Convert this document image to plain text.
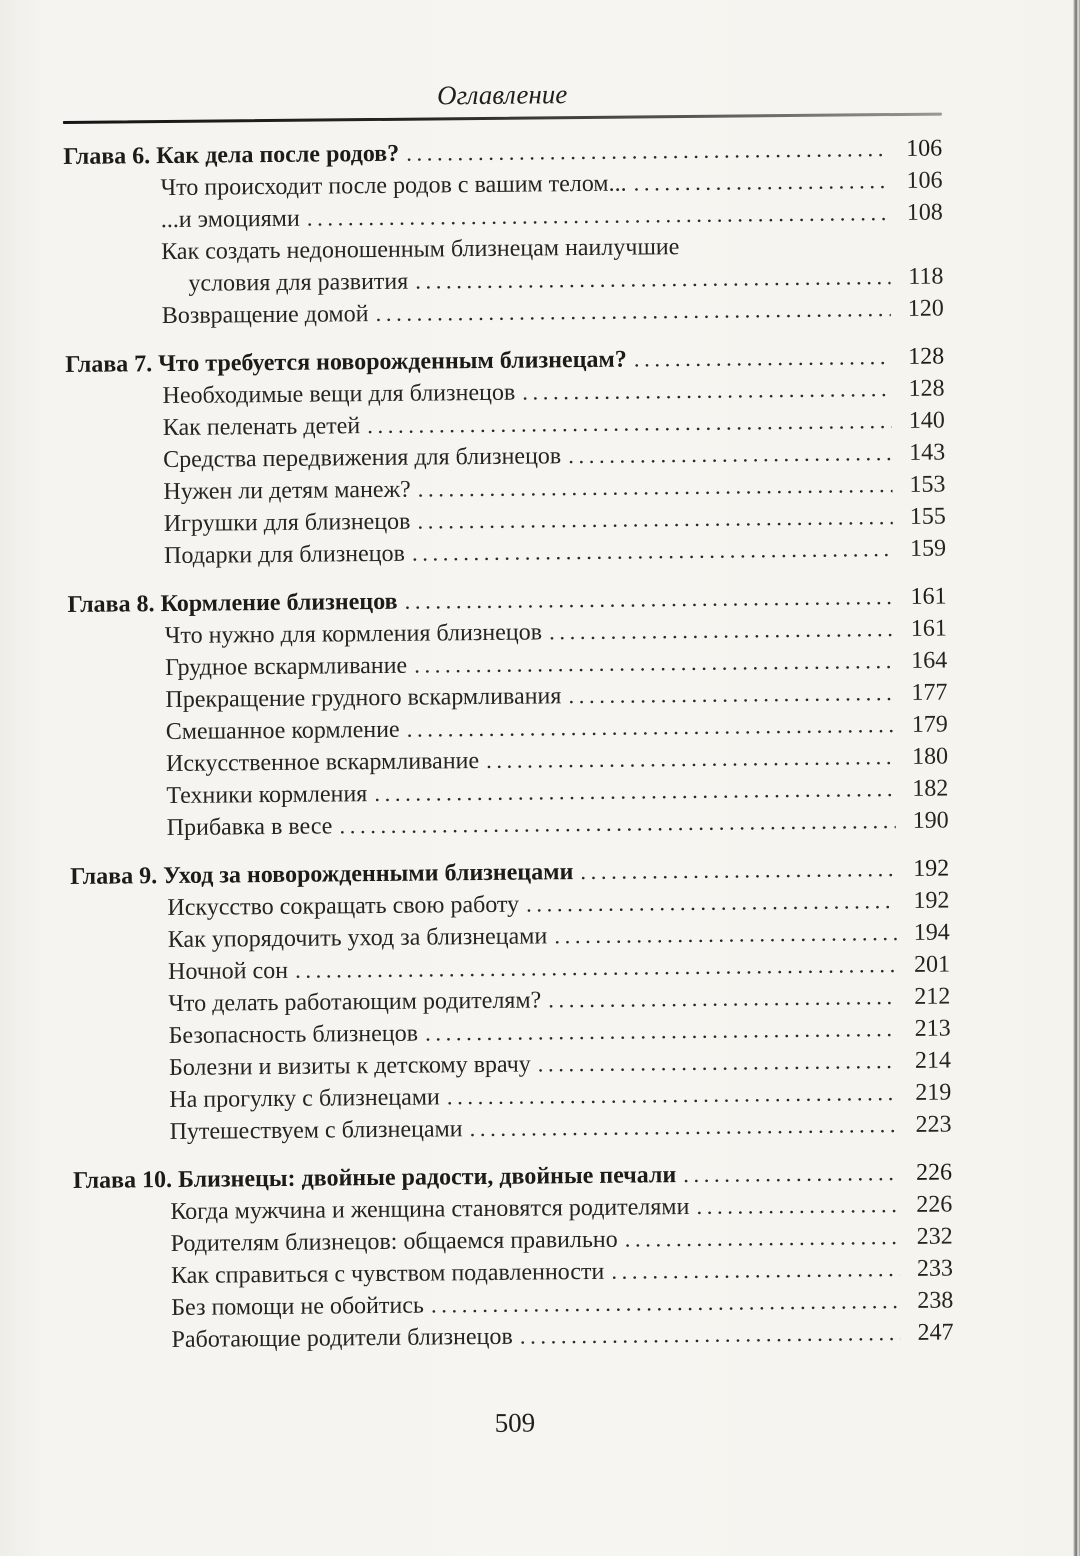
Оглавление
Глава 6. Как дела после родов? .....	106
Что происходит после родов с вашим телом... .....	106
...и эмоциями .....	108
Как создать недоношенным близнецам наилучшие
условия для развития .....	118
Возвращение домой .....	120
Глава 7. Что требуется новорожденным близнецам? .....	128
Необходимые вещи для близнецов .....	128
Как пеленать детей .....	140
Средства передвижения для близнецов .....	143
Нужен ли детям манеж? .....	153
Игрушки для близнецов .....	155
Подарки для близнецов .....	159
Глава 8. Кормление близнецов .....	161
Что нужно для кормления близнецов .....	161
Грудное вскармливание .....	164
Прекращение грудного вскармливания .....	177
Смешанное кормление .....	179
Искусственное вскармливание .....	180
Техники кормления .....	182
Прибавка в весе .....	190
Глава 9. Уход за новорожденными близнецами .....	192
Искусство сокращать свою работу .....	192
Как упорядочить уход за близнецами .....	194
Ночной сон .....	201
Что делать работающим родителям? .....	212
Безопасность близнецов .....	213
Болезни и визиты к детскому врачу .....	214
На прогулку с близнецами .....	219
Путешествуем с близнецами .....	223
Глава 10. Близнецы: двойные радости, двойные печали .....	226
Когда мужчина и женщина становятся родителями .....	226
Родителям близнецов: общаемся правильно .....	232
Как справиться с чувством подавленности .....	233
Без помощи не обойтись .....	238
Работающие родители близнецов .....	247
509
